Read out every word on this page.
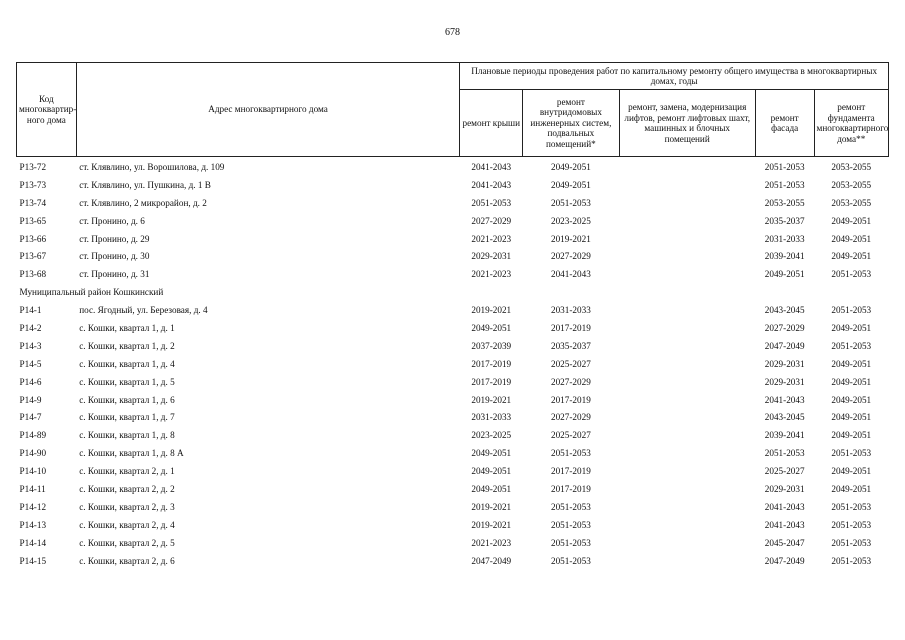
678
Код многоквартир-ного дома	Адрес многоквартирного дома	Плановые периоды проведения работ по капитальному ремонту общего имущества в многоквартирных домах, годы				
		ремонт крыши	ремонт внутридомовых инженерных систем, подвальных помещений*	ремонт, замена, модернизация лифтов, ремонт лифтовых шахт, машинных и блочных помещений	ремонт фасада	ремонт фундамента многоквартирного дома**
Р13-72	ст. Клявлино, ул. Ворошилова, д. 109	2041-2043	2049-2051		2051-2053	2053-2055
Р13-73	ст. Клявлино, ул. Пушкина, д. 1 В	2041-2043	2049-2051		2051-2053	2053-2055
Р13-74	ст. Клявлино, 2 микрорайон, д. 2	2051-2053	2051-2053		2053-2055	2053-2055
Р13-65	ст. Пронино, д. 6	2027-2029	2023-2025		2035-2037	2049-2051
Р13-66	ст. Пронино, д. 29	2021-2023	2019-2021		2031-2033	2049-2051
Р13-67	ст. Пронино, д. 30	2029-2031	2027-2029		2039-2041	2049-2051
Р13-68	ст. Пронино, д. 31	2021-2023	2041-2043		2049-2051	2051-2053
Муниципальный район Кошкинский						
Р14-1	пос. Ягодный, ул. Березовая, д. 4	2019-2021	2031-2033		2043-2045	2051-2053
Р14-2	с. Кошки, квартал 1, д. 1	2049-2051	2017-2019		2027-2029	2049-2051
Р14-3	с. Кошки, квартал 1, д. 2	2037-2039	2035-2037		2047-2049	2051-2053
Р14-5	с. Кошки, квартал 1, д. 4	2017-2019	2025-2027		2029-2031	2049-2051
Р14-6	с. Кошки, квартал 1, д. 5	2017-2019	2027-2029		2029-2031	2049-2051
Р14-9	с. Кошки, квартал 1, д. 6	2019-2021	2017-2019		2041-2043	2049-2051
Р14-7	с. Кошки, квартал 1, д. 7	2031-2033	2027-2029		2043-2045	2049-2051
Р14-89	с. Кошки, квартал 1, д. 8	2023-2025	2025-2027		2039-2041	2049-2051
Р14-90	с. Кошки, квартал 1, д. 8 А	2049-2051	2051-2053		2051-2053	2051-2053
Р14-10	с. Кошки, квартал 2, д. 1	2049-2051	2017-2019		2025-2027	2049-2051
Р14-11	с. Кошки, квартал 2, д. 2	2049-2051	2017-2019		2029-2031	2049-2051
Р14-12	с. Кошки, квартал 2, д. 3	2019-2021	2051-2053		2041-2043	2051-2053
Р14-13	с. Кошки, квартал 2, д. 4	2019-2021	2051-2053		2041-2043	2051-2053
Р14-14	с. Кошки, квартал 2, д. 5	2021-2023	2051-2053		2045-2047	2051-2053
Р14-15	с. Кошки, квартал 2, д. 6	2047-2049	2051-2053		2047-2049	2051-2053
